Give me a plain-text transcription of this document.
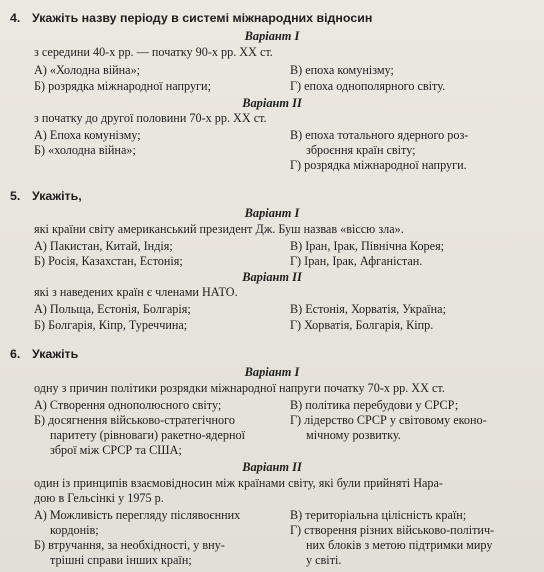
4. Укажіть назву періоду в системі міжнародних відносин
Варіант І
з середини 40-х рр. — початку 90-х рр. ХХ ст.
А) «Холодна війна»;	В) епоха комунізму;
Б) розрядка міжнародної напруги;	Г) епоха однополярного світу.
Варіант ІІ
з початку до другої половини 70-х рр. ХХ ст.
А) Епоха комунізму;	В) епоха тотального ядерного роз-
Б) «холодна війна»;	зброєння країн світу;
Г) розрядка міжнародної напруги.
5. Укажіть,
Варіант І
які країни світу американський президент Дж. Буш назвав «віссю зла».
А) Пакистан, Китай, Індія;	В) Іран, Ірак, Північна Корея;
Б) Росія, Казахстан, Естонія;	Г) Іран, Ірак, Афганістан.
Варіант ІІ
які з наведених країн є членами НАТО.
А) Польща, Естонія, Болгарія;	В) Естонія, Хорватія, Україна;
Б) Болгарія, Кіпр, Туреччина;	Г) Хорватія, Болгарія, Кіпр.
6. Укажіть
Варіант І
одну з причин політики розрядки міжнародної напруги початку 70-х рр. ХХ ст.
А) Створення однополюсного світу;	В) політика перебудови у СРСР;
Б) досягнення військово-стратегічного	Г) лідерство СРСР у світовому еконо-
паритету (рівноваги) ракетно-ядерної	мічному розвитку.
зброї між СРСР та США;
Варіант ІІ
один із принципів взаємовідносин між країнами світу, які були прийняті Нара-
дою в Гельсінкі у 1975 р.
А) Можливість перегляду післявоєнних	В) територіальна цілісність країн;
кордонів;	Г) створення різних військово-політич-
Б) втручання, за необхідності, у вну-	них блоків з метою підтримки миру
трішні справи інших країн;	у світі.
